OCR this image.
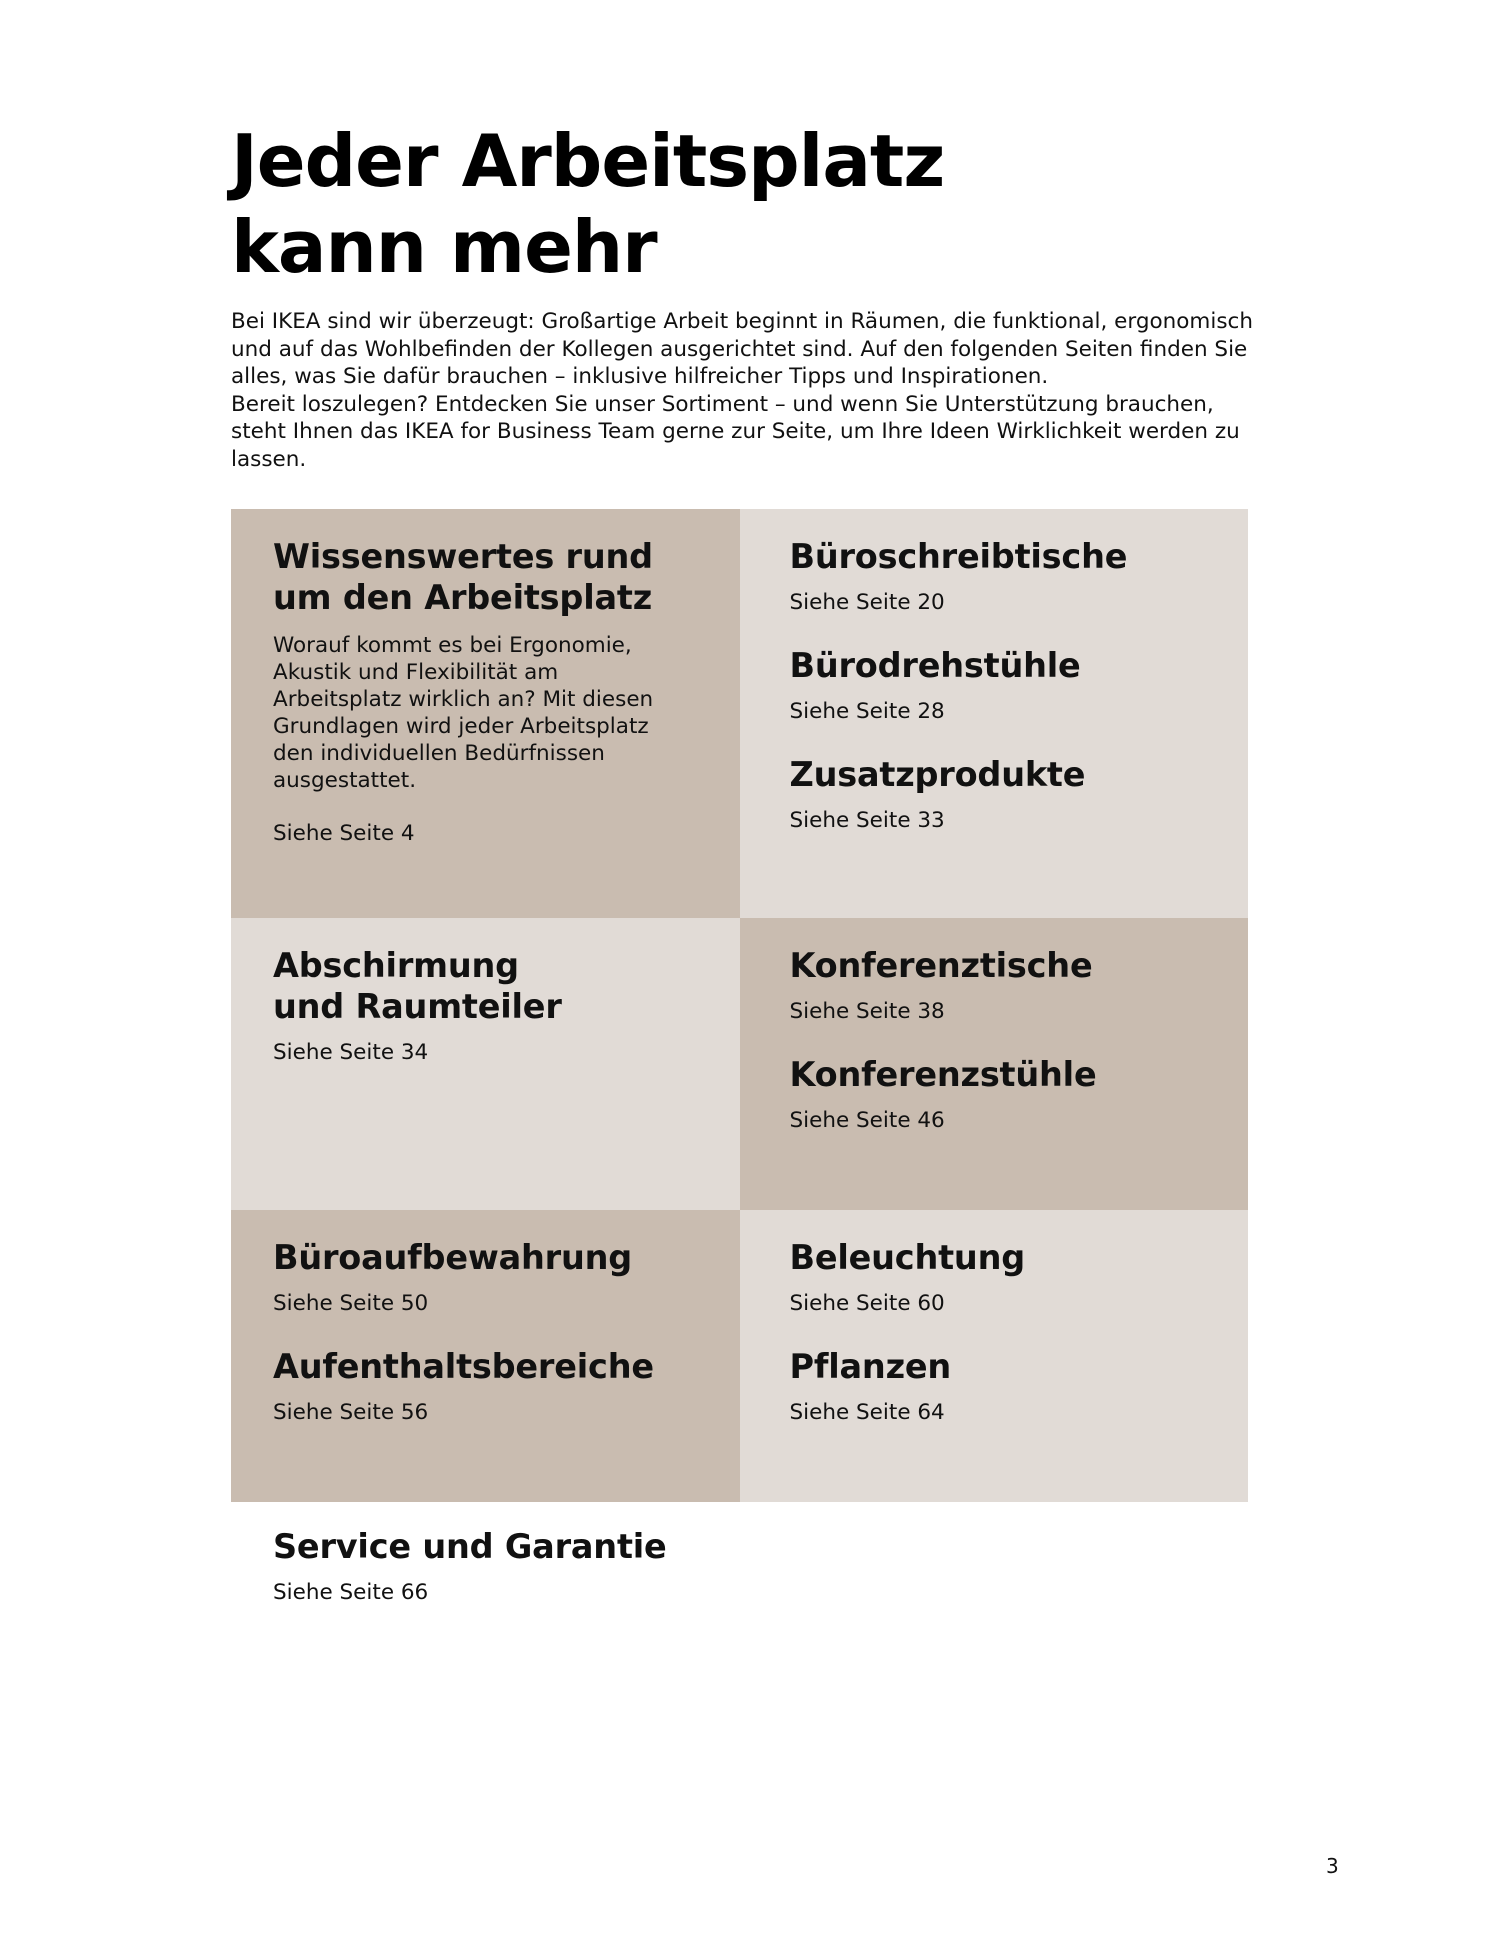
Jeder Arbeitsplatz
kann mehr

Bei IKEA sind wir überzeugt: Großartige Arbeit beginnt in Räumen, die funktional, ergonomisch und auf das Wohlbefinden der Kollegen ausgerichtet sind. Auf den folgenden Seiten finden Sie alles, was Sie dafür brauchen – inklusive hilfreicher Tipps und Inspirationen.

Bereit loszulegen? Entdecken Sie unser Sortiment – und wenn Sie Unterstützung brauchen, steht Ihnen das IKEA for Business Team gerne zur Seite, um Ihre Ideen Wirklichkeit werden zu lassen.

Wissenswertes rund
um den Arbeitsplatz

Worauf kommt es bei Ergonomie, Akustik und Flexibilität am Arbeitsplatz wirklich an? Mit diesen Grundlagen wird jeder Arbeitsplatz den individuellen Bedürfnissen ausgestattet.

Siehe Seite 4

Büroschreibtische

Siehe Seite 20

Bürodrehstühle

Siehe Seite 28

Zusatzprodukte

Siehe Seite 33

Abschirmung
und Raumteiler

Siehe Seite 34

Konferenztische

Siehe Seite 38

Konferenzstühle

Siehe Seite 46

Büroaufbewahrung

Siehe Seite 50

Aufenthaltsbereiche

Siehe Seite 56

Beleuchtung

Siehe Seite 60

Pflanzen

Siehe Seite 64

Service und Garantie

Siehe Seite 66

3
